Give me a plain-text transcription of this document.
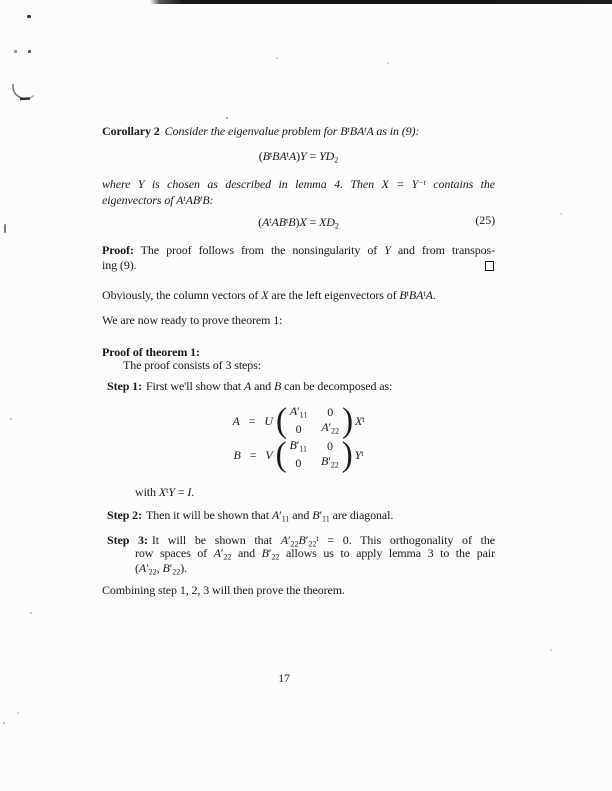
Corollary 2 Consider the eigenvalue problem for $B^tBA^tA$ as in (9):
$(B^tBA^tA)Y = YD_2$
where Y is chosen as described in lemma 4. Then $X = Y^{-t}$ contains the
eigenvectors of $A^tAB^tB$:
$(A^tAB^tB)X = XD_2$	(25)
Proof: The proof follows from the nonsingularity of Y and from transpos-
ing (9).
Obviously, the column vectors of X are the left eigenvectors of $B^tBA^tA$.
We are now ready to prove theorem 1:
Proof of theorem 1:
The proof consists of 3 steps:
Step 1: First we'll show that A and B can be decomposed as:
A = U ( $A'_{11}$	0
0	$A'_{22}$ ) $X^t$
B = V ( $B'_{11}$	0
0	$B'_{22}$ ) $Y^t$
with $X^tY = I$.
Step 2: Then it will be shown that $A'_{11}$ and $B'_{11}$ are diagonal.
Step 3: It will be shown that $A'_{22}B'_{22}^t = 0$. This orthogonality of the
row spaces of $A'_{22}$ and $B'_{22}$ allows us to apply lemma 3 to the pair
($A'_{22}$, $B'_{22}$).
Combining step 1, 2, 3 will then prove the theorem.
17
